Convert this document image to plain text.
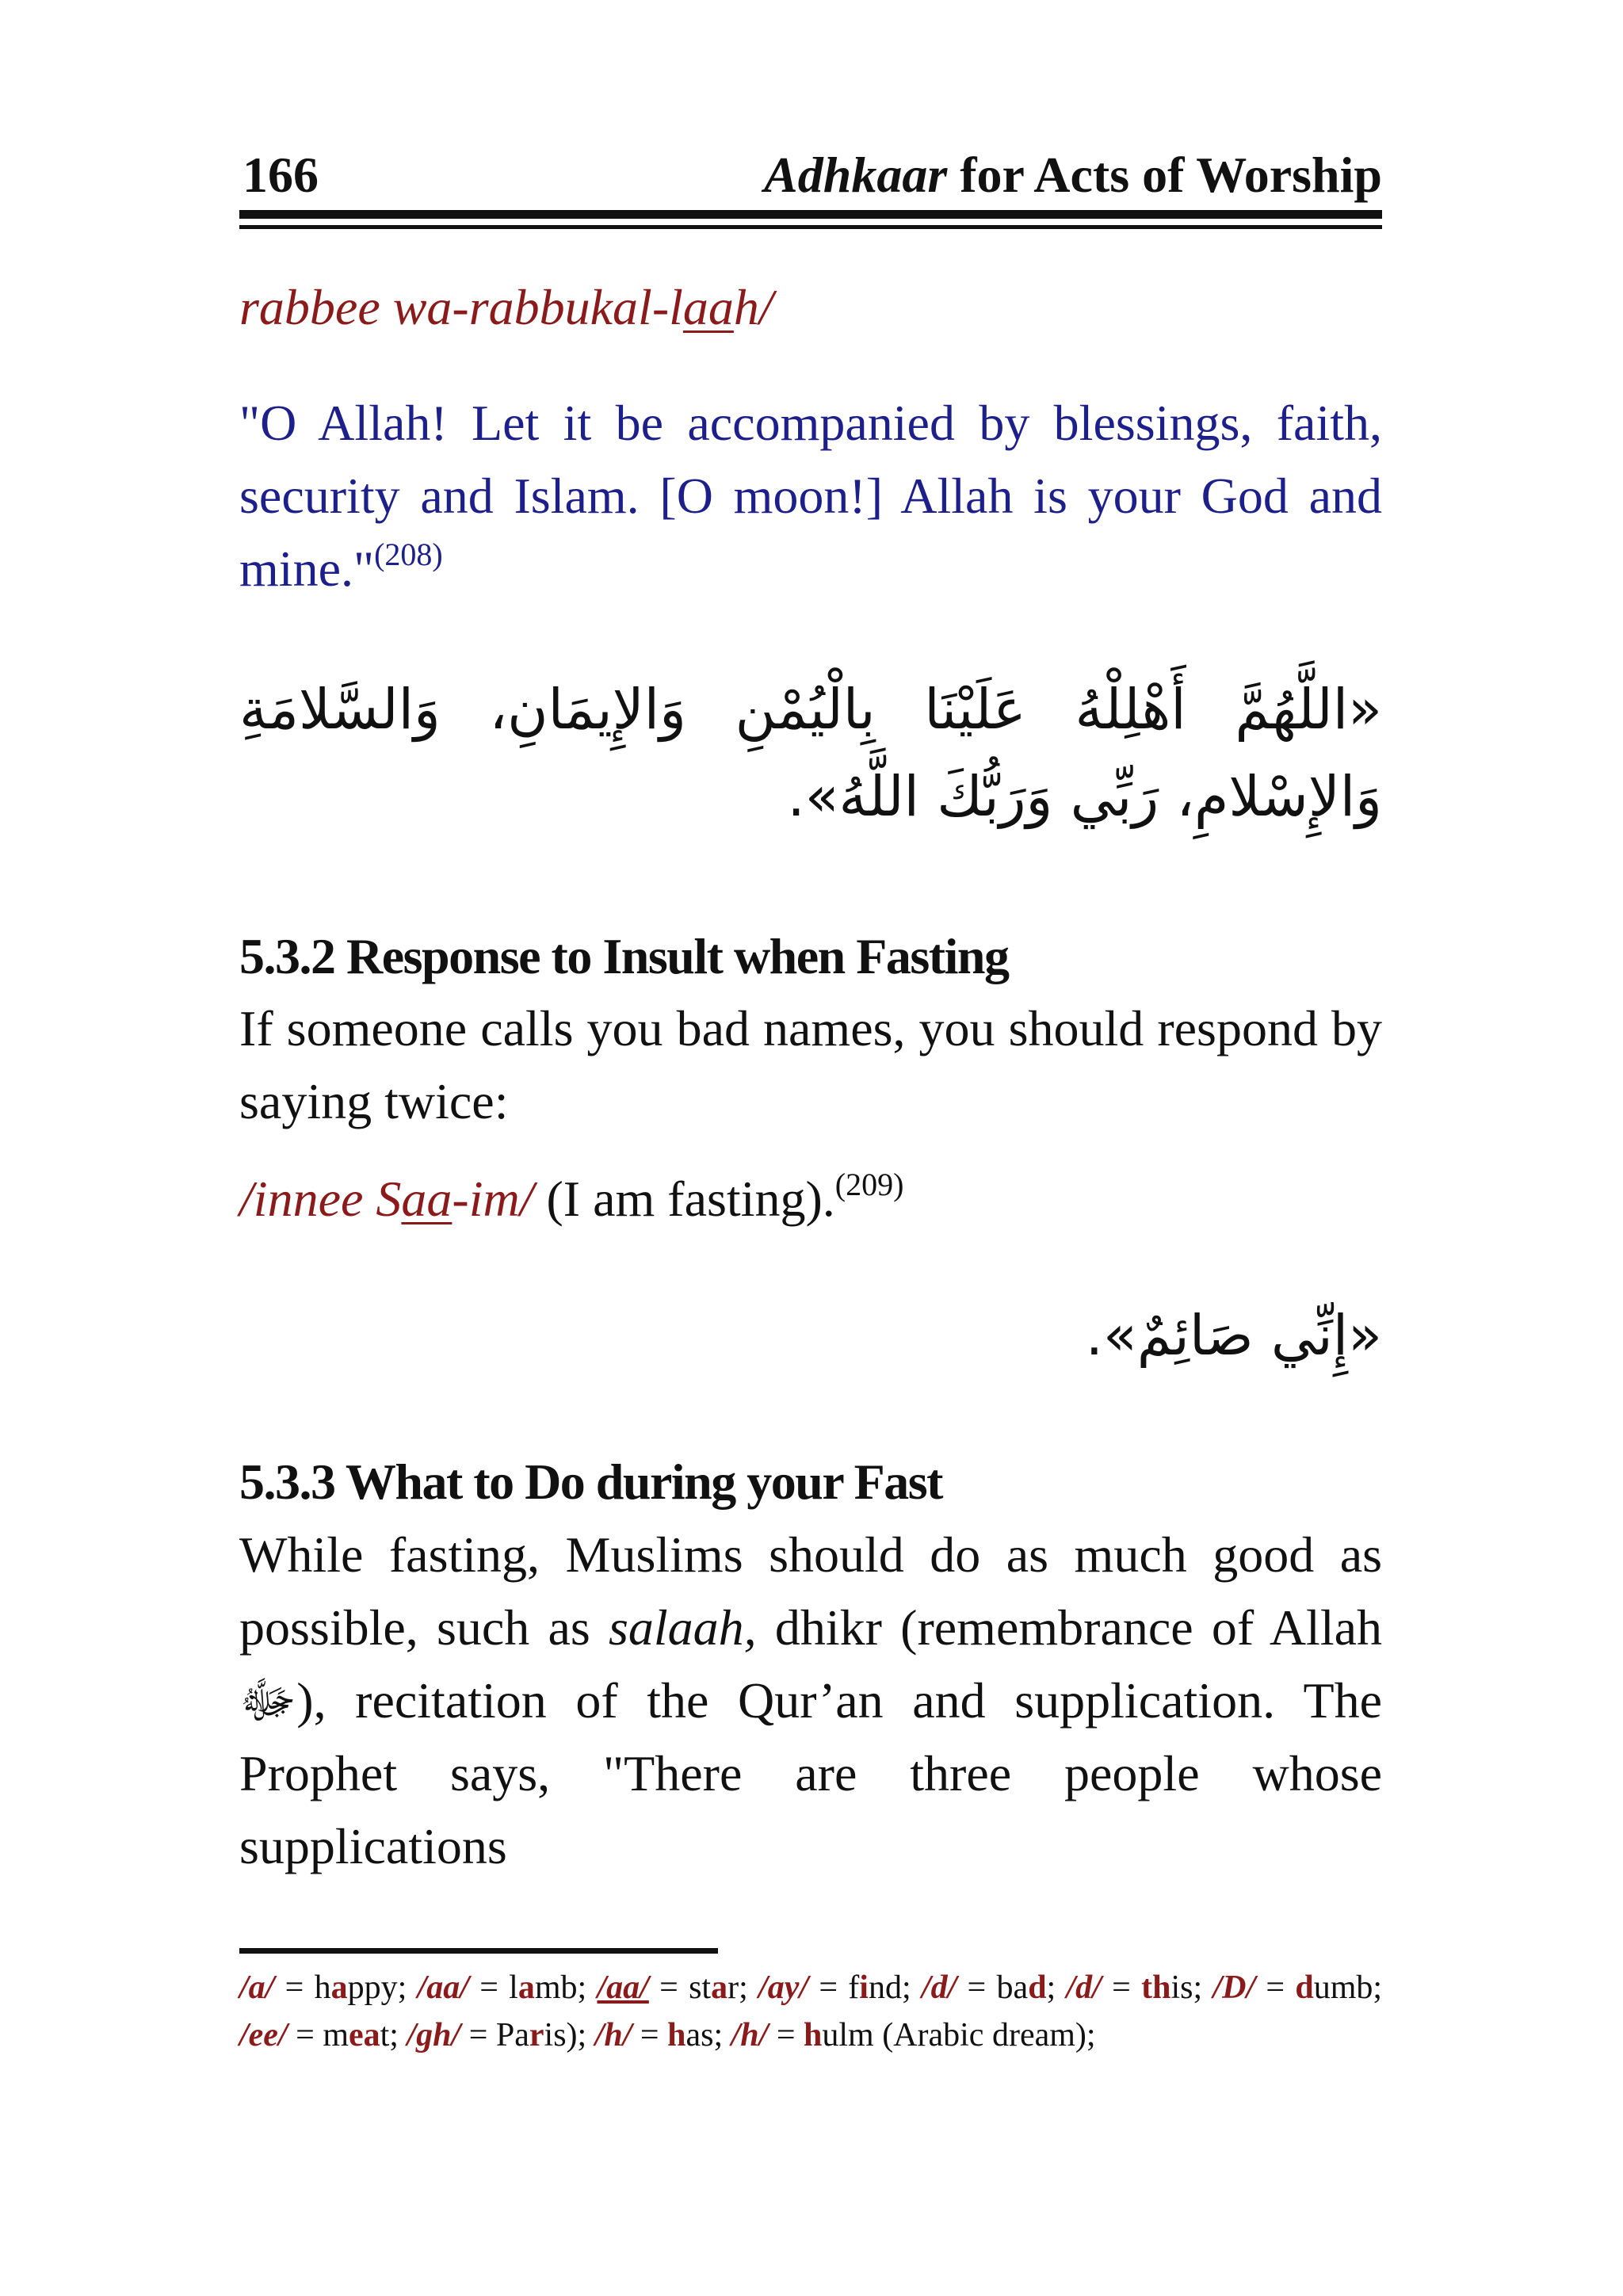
166	Adhkaar for Acts of Worship
rabbee wa-rabbukal-laah/
"O Allah! Let it be accompanied by blessings, faith, security and Islam. [O moon!] Allah is your God and mine."$^{(208)}$
«اللَّهُمَّ أَهْلِلْهُ عَلَيْنَا بِالْيُمْنِ وَالإِيمَانِ، وَالسَّلامَةِ وَالإِسْلامِ، رَبِّي وَرَبُّكَ اللَّهُ».
5.3.2 Response to Insult when Fasting
If someone calls you bad names, you should respond by saying twice:
/innee Saa-im/ (I am fasting).$^{(209)}$
«إِنِّي صَائِمٌ».
5.3.3 What to Do during your Fast
While fasting, Muslims should do as much good as possible, such as salaah, dhikr (remembrance of Allah ﷻ), recitation of the Qur’an and supplication. The Prophet says, "There are three people whose supplications
/a/ = happy; /aa/ = lamb; /aa/ = star; /ay/ = find; /d/ = bad; /d/ = this; /D/ = dumb; /ee/ = meat; /gh/ = Paris); /h/ = has; /h/ = hulm (Arabic dream);
